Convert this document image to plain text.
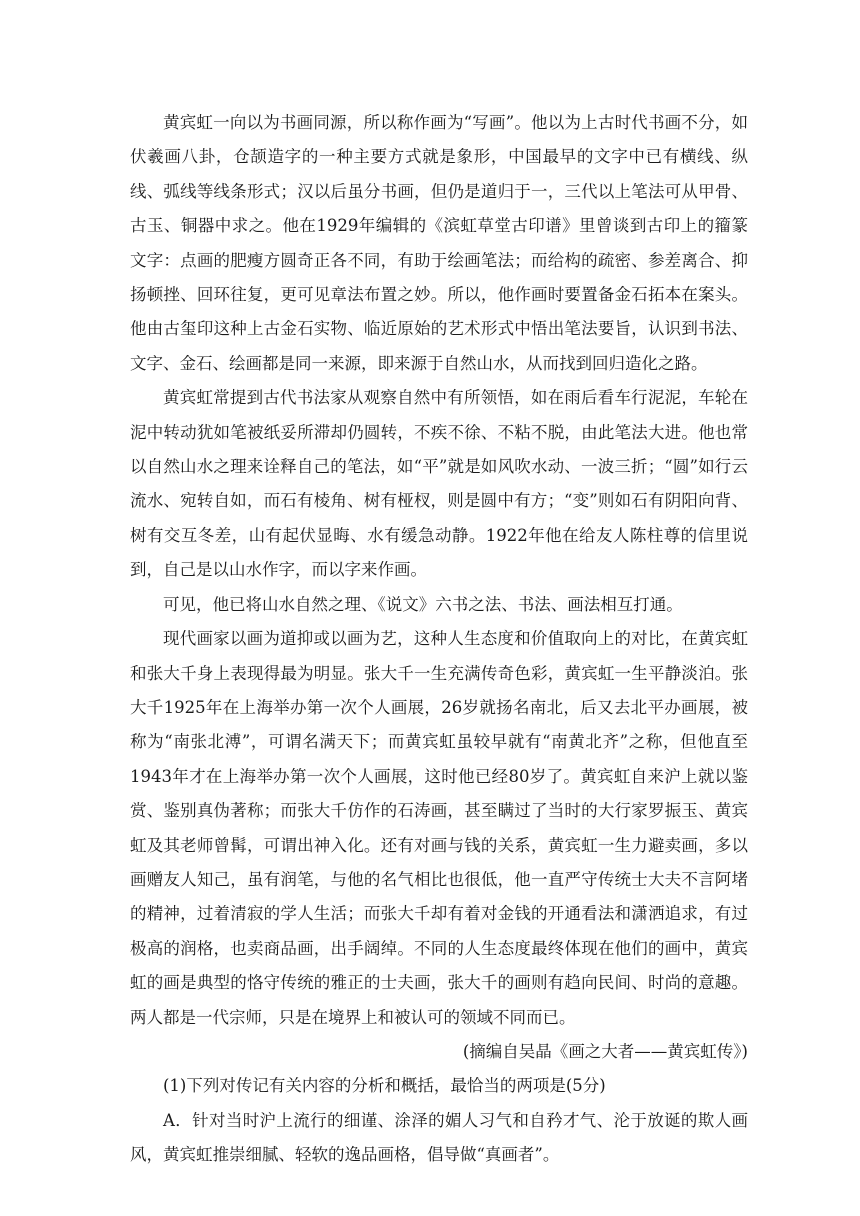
黄宾虹一向以为书画同源，所以称作画为“写画”。他以为上古时代书画不分，如伏羲画八卦，仓颉造字的一种主要方式就是象形，中国最早的文字中已有横线、纵线、弧线等线条形式；汉以后虽分书画，但仍是道归于一，三代以上笔法可从甲骨、古玉、铜器中求之。他在1929年编辑的《滨虹草堂古印谱》里曾谈到古印上的籀篆文字：点画的肥瘦方圆奇正各不同，有助于绘画笔法；而给构的疏密、参差离合、抑扬顿挫、回环往复，更可见章法布置之妙。所以，他作画时要置备金石拓本在案头。他由古玺印这种上古金石实物、临近原始的艺术形式中悟出笔法要旨，认识到书法、文字、金石、绘画都是同一来源，即来源于自然山水，从而找到回归造化之路。

黄宾虹常提到古代书法家从观察自然中有所领悟，如在雨后看车行泥泥，车轮在泥中转动犹如笔被纸妥所滞却仍圆转，不疾不徐、不粘不脱，由此笔法大进。他也常以自然山水之理来诠释自己的笔法，如“平”就是如风吹水动、一波三折；“圆”如行云流水、宛转自如，而石有棱角、树有桠杈，则是圆中有方；“变”则如石有阴阳向背、树有交互冬差，山有起伏显晦、水有缓急动静。1922年他在给友人陈柱尊的信里说到，自己是以山水作字，而以字来作画。

可见，他已将山水自然之理、《说文》六书之法、书法、画法相互打通。

现代画家以画为道抑或以画为艺，这种人生态度和价值取向上的对比，在黄宾虹和张大千身上表现得最为明显。张大千一生充满传奇色彩，黄宾虹一生平静淡泊。张大千1925年在上海举办第一次个人画展，26岁就扬名南北，后又去北平办画展，被称为“南张北溥”，可谓名满天下；而黄宾虹虽较早就有“南黄北齐”之称，但他直至1943年才在上海举办第一次个人画展，这时他已经80岁了。黄宾虹自来沪上就以鉴赏、鉴别真伪著称；而张大千仿作的石涛画，甚至瞒过了当时的大行家罗振玉、黄宾虹及其老师曾髯，可谓出神入化。还有对画与钱的关系，黄宾虹一生力避卖画，多以画赠友人知己，虽有润笔，与他的名气相比也很低，他一直严守传统士大夫不言阿堵的精神，过着清寂的学人生活；而张大千却有着对金钱的开通看法和潇洒追求，有过极高的润格，也卖商品画，出手阔绰。不同的人生态度最终体现在他们的画中，黄宾虹的画是典型的恪守传统的雅正的士夫画，张大千的画则有趋向民间、时尚的意趣。两人都是一代宗师，只是在境界上和被认可的领域不同而已。

(摘编自吴晶《画之大者——黄宾虹传》)

(1)下列对传记有关内容的分析和概括，最恰当的两项是(5分)

A．针对当时沪上流行的细谨、涂泽的媚人习气和自矜才气、沦于放诞的欺人画风，黄宾虹推崇细腻、轻软的逸品画格，倡导做“真画者”。
